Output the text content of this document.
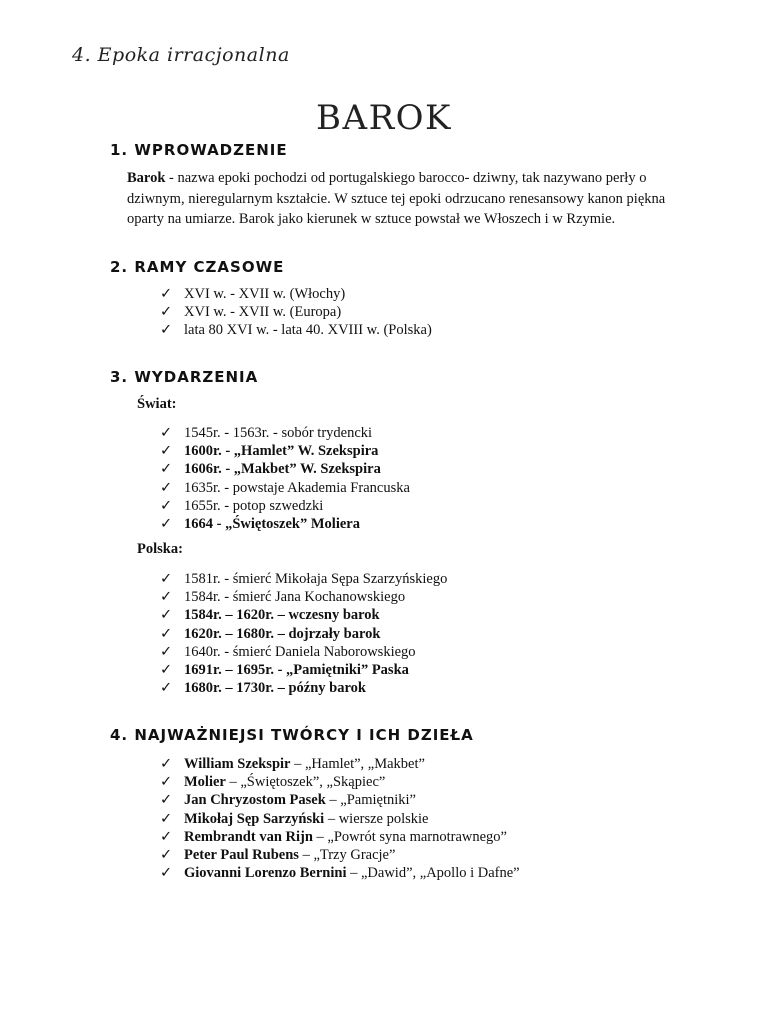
4. Epoka irracjonalna
BAROK
1. WPROWADZENIE
Barok - nazwa epoki pochodzi od portugalskiego barocco- dziwny, tak nazywano perły o dziwnym, nieregularnym kształcie. W sztuce tej epoki odrzucano renesansowy kanon piękna oparty na umiarze. Barok jako kierunek w sztuce powstał we Włoszech i w Rzymie.
2. RAMY CZASOWE
✓ XVI w. - XVII w. (Włochy)
✓ XVI w. - XVII w. (Europa)
✓ lata 80 XVI w. - lata 40. XVIII w. (Polska)
3. WYDARZENIA
Świat:
✓ 1545r. - 1563r. - sobór trydencki
✓ 1600r. - „Hamlet” W. Szekspira
✓ 1606r. - „Makbet” W. Szekspira
✓ 1635r. - powstaje Akademia Francuska
✓ 1655r. - potop szwedzki
✓ 1664 - „Świętoszek” Moliera
Polska:
✓ 1581r. - śmierć Mikołaja Sępa Szarzyńskiego
✓ 1584r. - śmierć Jana Kochanowskiego
✓ 1584r. – 1620r. – wczesny barok
✓ 1620r. – 1680r. – dojrzały barok
✓ 1640r. - śmierć Daniela Naborowskiego
✓ 1691r. – 1695r. - „Pamiętniki” Paska
✓ 1680r. – 1730r. – późny barok
4. NAJWAŻNIEJSI TWÓRCY I ICH DZIEŁA
✓ William Szekspir – „Hamlet”, „Makbet”
✓ Molier – „Świętoszek”, „Skąpiec”
✓ Jan Chryzostom Pasek – „Pamiętniki”
✓ Mikołaj Sęp Sarzyński – wiersze polskie
✓ Rembrandt van Rijn – „Powrót syna marnotrawnego”
✓ Peter Paul Rubens – „Trzy Gracje”
✓ Giovanni Lorenzo Bernini – „Dawid”, „Apollo i Dafne”
